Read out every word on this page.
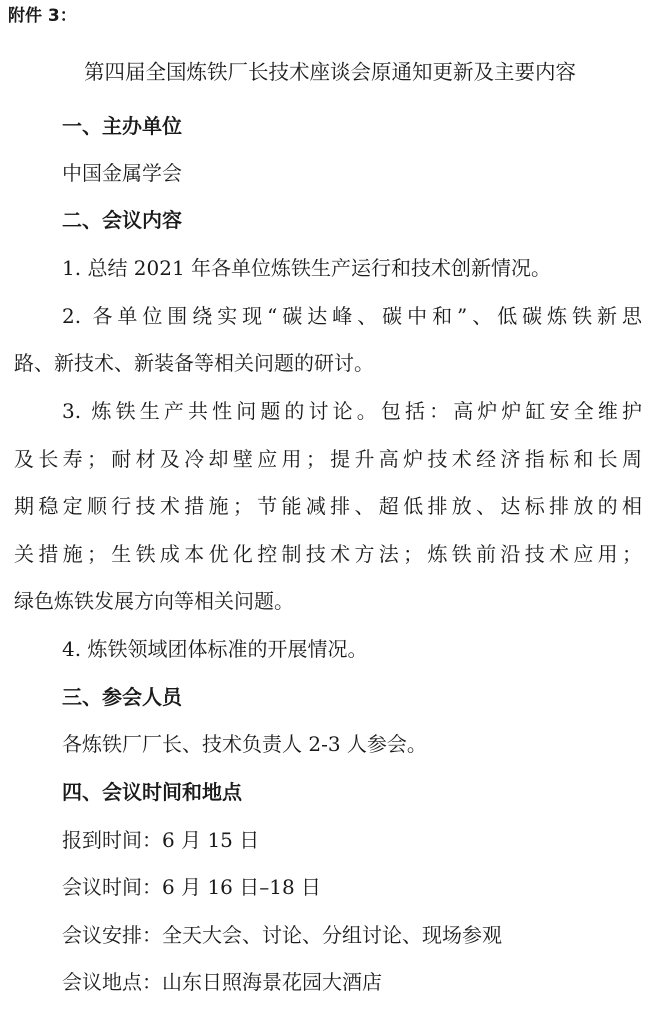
附件 3：
第四届全国炼铁厂长技术座谈会原通知更新及主要内容
一、主办单位
中国金属学会
二、会议内容
1. 总结 2021 年各单位炼铁生产运行和技术创新情况。
2. 各单位围绕实现“碳达峰、碳中和”、低碳炼铁新思
路、新技术、新装备等相关问题的研讨。
3. 炼铁生产共性问题的讨论。包括：高炉炉缸安全维护
及长寿；耐材及冷却壁应用；提升高炉技术经济指标和长周
期稳定顺行技术措施；节能减排、超低排放、达标排放的相
关措施；生铁成本优化控制技术方法；炼铁前沿技术应用；
绿色炼铁发展方向等相关问题。
4. 炼铁领域团体标准的开展情况。
三、参会人员
各炼铁厂厂长、技术负责人 2-3 人参会。
四、会议时间和地点
报到时间：6 月 15 日
会议时间：6 月 16 日–18 日
会议安排：全天大会、讨论、分组讨论、现场参观
会议地点：山东日照海景花园大酒店
